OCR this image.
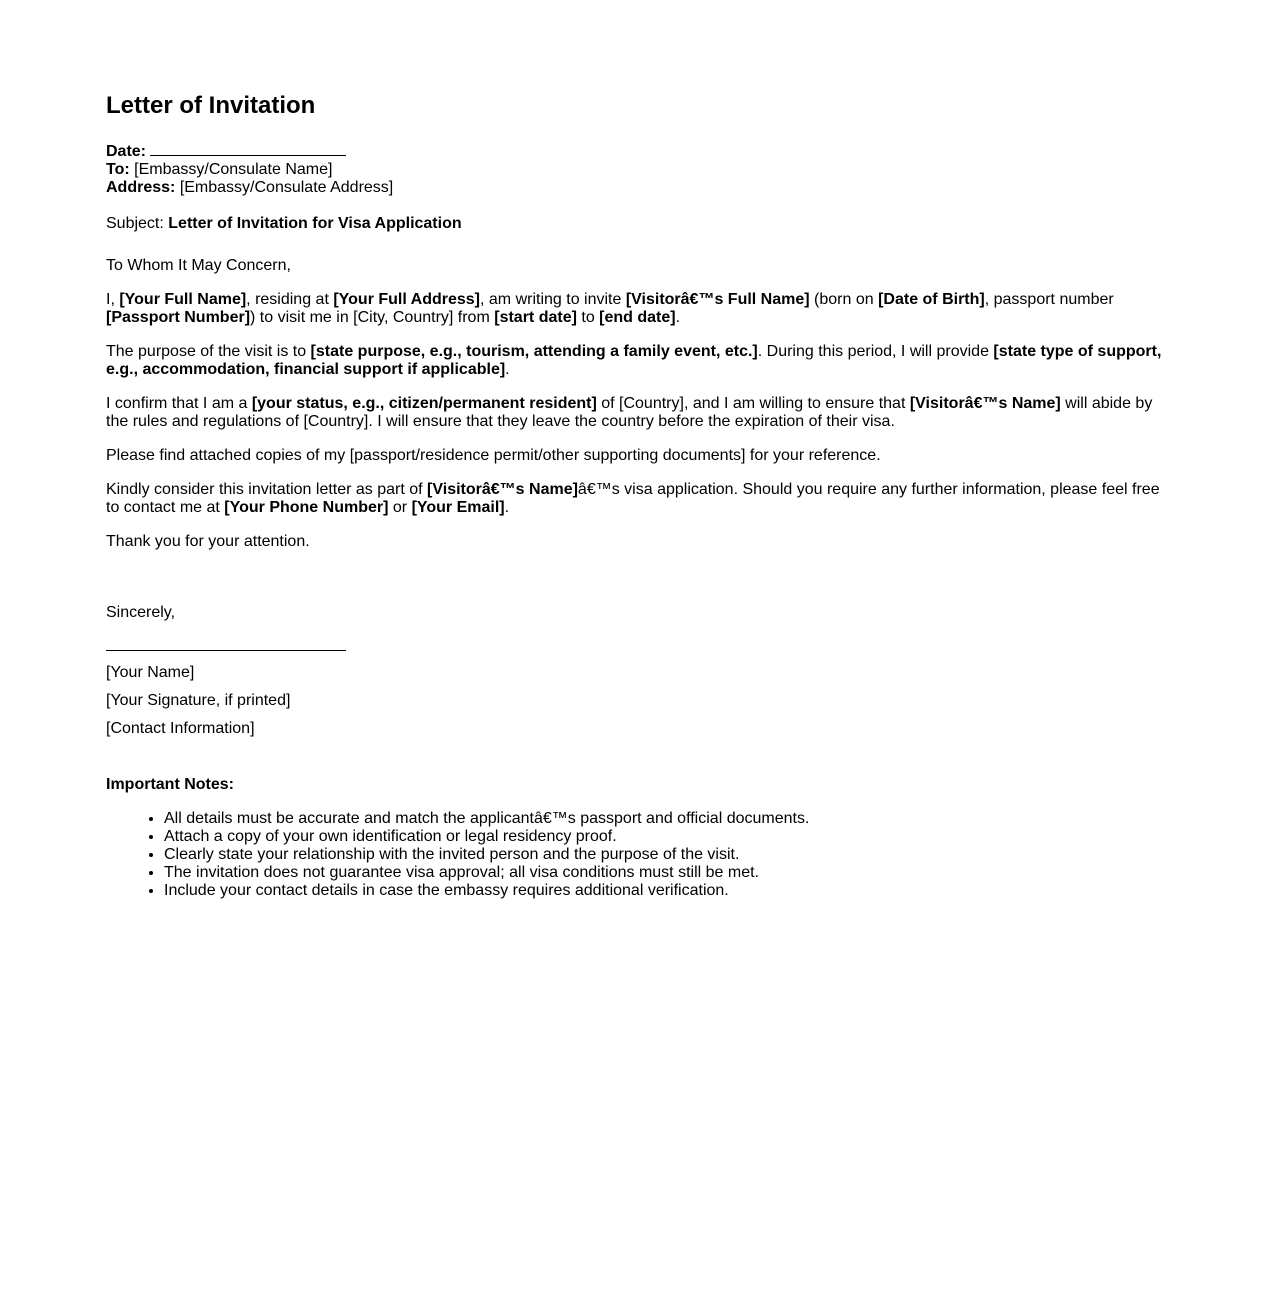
Letter of Invitation
Date:
To: [Embassy/Consulate Name]
Address: [Embassy/Consulate Address]

Subject: Letter of Invitation for Visa Application

To Whom It May Concern,

I, [Your Full Name], residing at [Your Full Address], am writing to invite [Visitorâ€™s Full Name] (born on [Date of Birth], passport number [Passport Number]) to visit me in [City, Country] from [start date] to [end date].

The purpose of the visit is to [state purpose, e.g., tourism, attending a family event, etc.]. During this period, I will provide [state type of support, e.g., accommodation, financial support if applicable].

I confirm that I am a [your status, e.g., citizen/permanent resident] of [Country], and I am willing to ensure that [Visitorâ€™s Name] will abide by the rules and regulations of [Country]. I will ensure that they leave the country before the expiration of their visa.

Please find attached copies of my [passport/residence permit/other supporting documents] for your reference.

Kindly consider this invitation letter as part of [Visitorâ€™s Name]â€™s visa application. Should you require any further information, please feel free to contact me at [Your Phone Number] or [Your Email].

Thank you for your attention.

Sincerely,

[Your Name]

[Your Signature, if printed]

[Contact Information]

Important Notes:

• All details must be accurate and match the applicantâ€™s passport and official documents.
• Attach a copy of your own identification or legal residency proof.
• Clearly state your relationship with the invited person and the purpose of the visit.
• The invitation does not guarantee visa approval; all visa conditions must still be met.
• Include your contact details in case the embassy requires additional verification.
